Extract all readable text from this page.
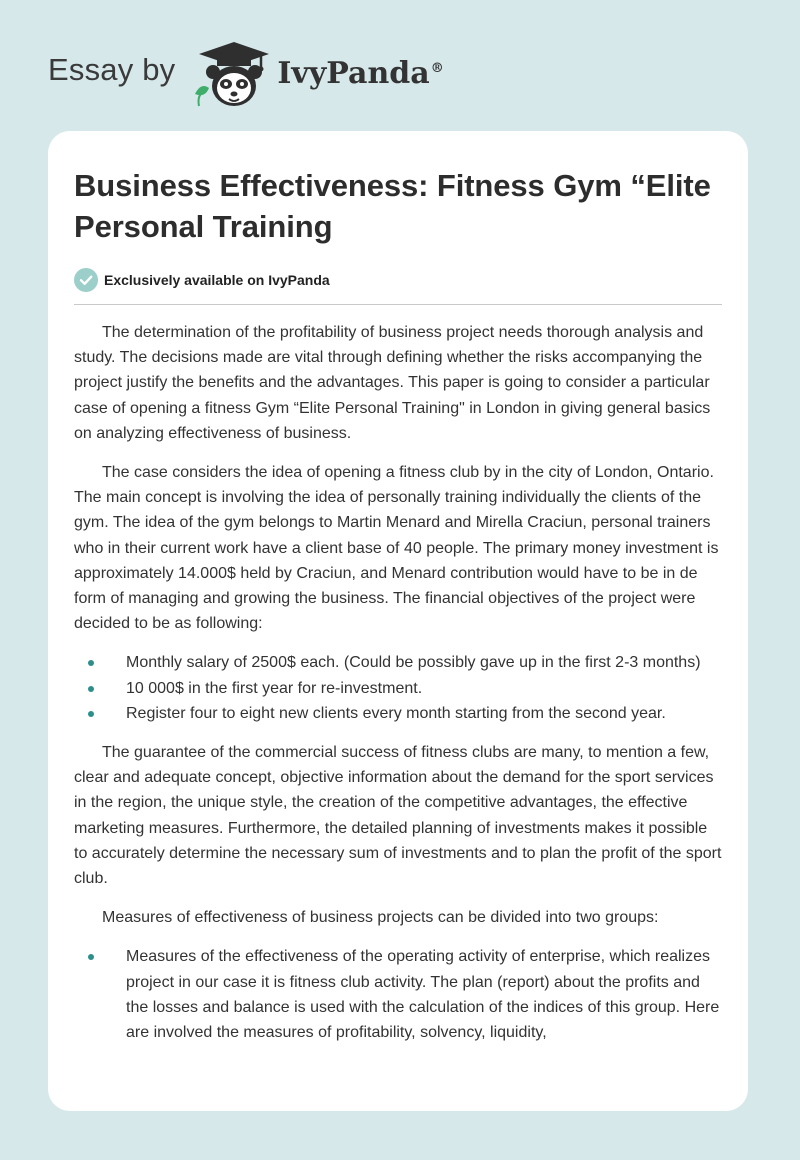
Essay by	IvyPanda®
Business Effectiveness: Fitness Gym “Elite Personal Training
Exclusively available on IvyPanda

The determination of the profitability of business project needs thorough analysis and study. The decisions made are vital through defining whether the risks accompanying the project justify the benefits and the advantages. This paper is going to consider a particular case of opening a fitness Gym “Elite Personal Training" in London in giving general basics on analyzing effectiveness of business.

The case considers the idea of opening a fitness club by in the city of London, Ontario. The main concept is involving the idea of personally training individually the clients of the gym. The idea of the gym belongs to Martin Menard and Mirella Craciun, personal trainers who in their current work have a client base of 40 people. The primary money investment is approximately 14.000$ held by Craciun, and Menard contribution would have to be in de form of managing and growing the business. The financial objectives of the project were decided to be as following:

Monthly salary of 2500$ each. (Could be possibly gave up in the first 2-3 months)
10 000$ in the first year for re-investment.
Register four to eight new clients every month starting from the second year.

The guarantee of the commercial success of fitness clubs are many, to mention a few, clear and adequate concept, objective information about the demand for the sport services in the region, the unique style, the creation of the competitive advantages, the effective marketing measures. Furthermore, the detailed planning of investments makes it possible to accurately determine the necessary sum of investments and to plan the profit of the sport club.

Measures of effectiveness of business projects can be divided into two groups:

Measures of the effectiveness of the operating activity of enterprise, which realizes project in our case it is fitness club activity. The plan (report) about the profits and the losses and balance is used with the calculation of the indices of this group. Here are involved the measures of profitability, solvency, liquidity,
